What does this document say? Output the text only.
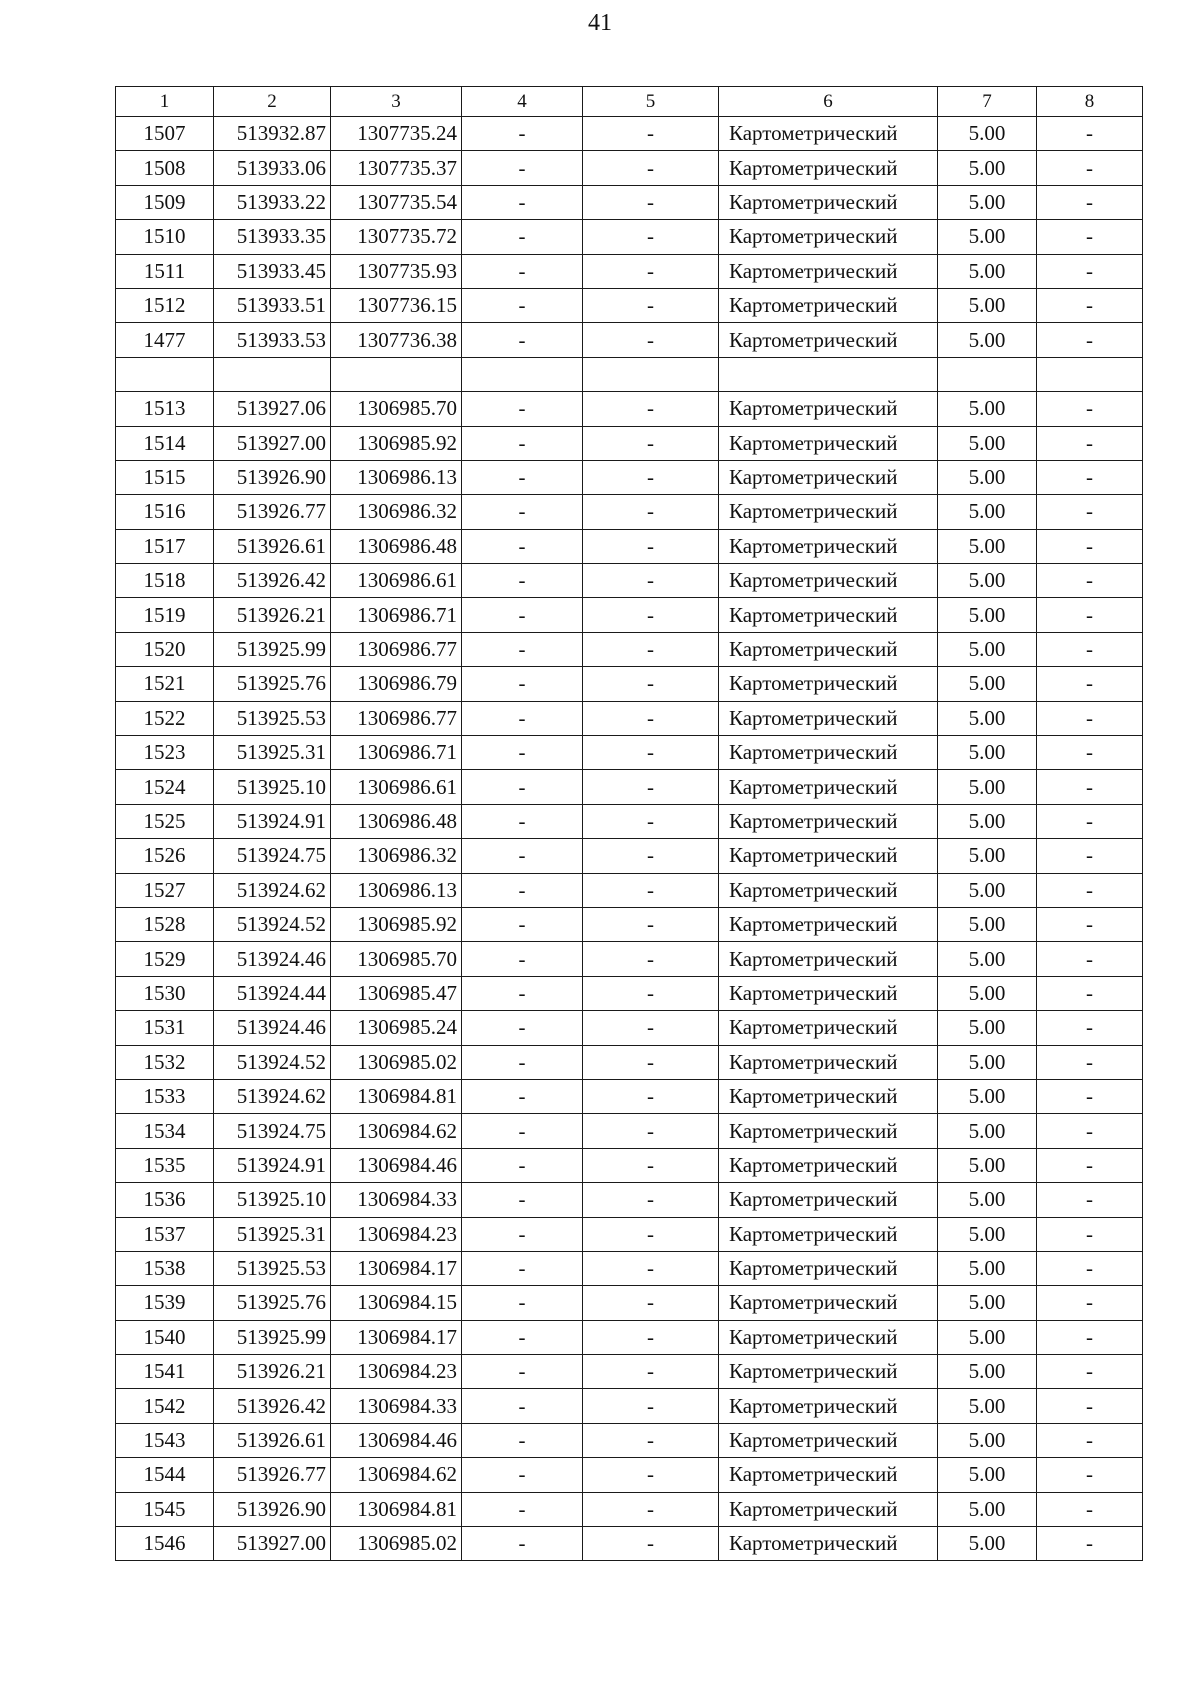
41
1	2	3	4	5	6	7	8
1507	513932.87	1307735.24	-	-	Картометрический	5.00	-
1508	513933.06	1307735.37	-	-	Картометрический	5.00	-
1509	513933.22	1307735.54	-	-	Картометрический	5.00	-
1510	513933.35	1307735.72	-	-	Картометрический	5.00	-
1511	513933.45	1307735.93	-	-	Картометрический	5.00	-
1512	513933.51	1307736.15	-	-	Картометрический	5.00	-
1477	513933.53	1307736.38	-	-	Картометрический	5.00	-

1513	513927.06	1306985.70	-	-	Картометрический	5.00	-
1514	513927.00	1306985.92	-	-	Картометрический	5.00	-
1515	513926.90	1306986.13	-	-	Картометрический	5.00	-
1516	513926.77	1306986.32	-	-	Картометрический	5.00	-
1517	513926.61	1306986.48	-	-	Картометрический	5.00	-
1518	513926.42	1306986.61	-	-	Картометрический	5.00	-
1519	513926.21	1306986.71	-	-	Картометрический	5.00	-
1520	513925.99	1306986.77	-	-	Картометрический	5.00	-
1521	513925.76	1306986.79	-	-	Картометрический	5.00	-
1522	513925.53	1306986.77	-	-	Картометрический	5.00	-
1523	513925.31	1306986.71	-	-	Картометрический	5.00	-
1524	513925.10	1306986.61	-	-	Картометрический	5.00	-
1525	513924.91	1306986.48	-	-	Картометрический	5.00	-
1526	513924.75	1306986.32	-	-	Картометрический	5.00	-
1527	513924.62	1306986.13	-	-	Картометрический	5.00	-
1528	513924.52	1306985.92	-	-	Картометрический	5.00	-
1529	513924.46	1306985.70	-	-	Картометрический	5.00	-
1530	513924.44	1306985.47	-	-	Картометрический	5.00	-
1531	513924.46	1306985.24	-	-	Картометрический	5.00	-
1532	513924.52	1306985.02	-	-	Картометрический	5.00	-
1533	513924.62	1306984.81	-	-	Картометрический	5.00	-
1534	513924.75	1306984.62	-	-	Картометрический	5.00	-
1535	513924.91	1306984.46	-	-	Картометрический	5.00	-
1536	513925.10	1306984.33	-	-	Картометрический	5.00	-
1537	513925.31	1306984.23	-	-	Картометрический	5.00	-
1538	513925.53	1306984.17	-	-	Картометрический	5.00	-
1539	513925.76	1306984.15	-	-	Картометрический	5.00	-
1540	513925.99	1306984.17	-	-	Картометрический	5.00	-
1541	513926.21	1306984.23	-	-	Картометрический	5.00	-
1542	513926.42	1306984.33	-	-	Картометрический	5.00	-
1543	513926.61	1306984.46	-	-	Картометрический	5.00	-
1544	513926.77	1306984.62	-	-	Картометрический	5.00	-
1545	513926.90	1306984.81	-	-	Картометрический	5.00	-
1546	513927.00	1306985.02	-	-	Картометрический	5.00	-
